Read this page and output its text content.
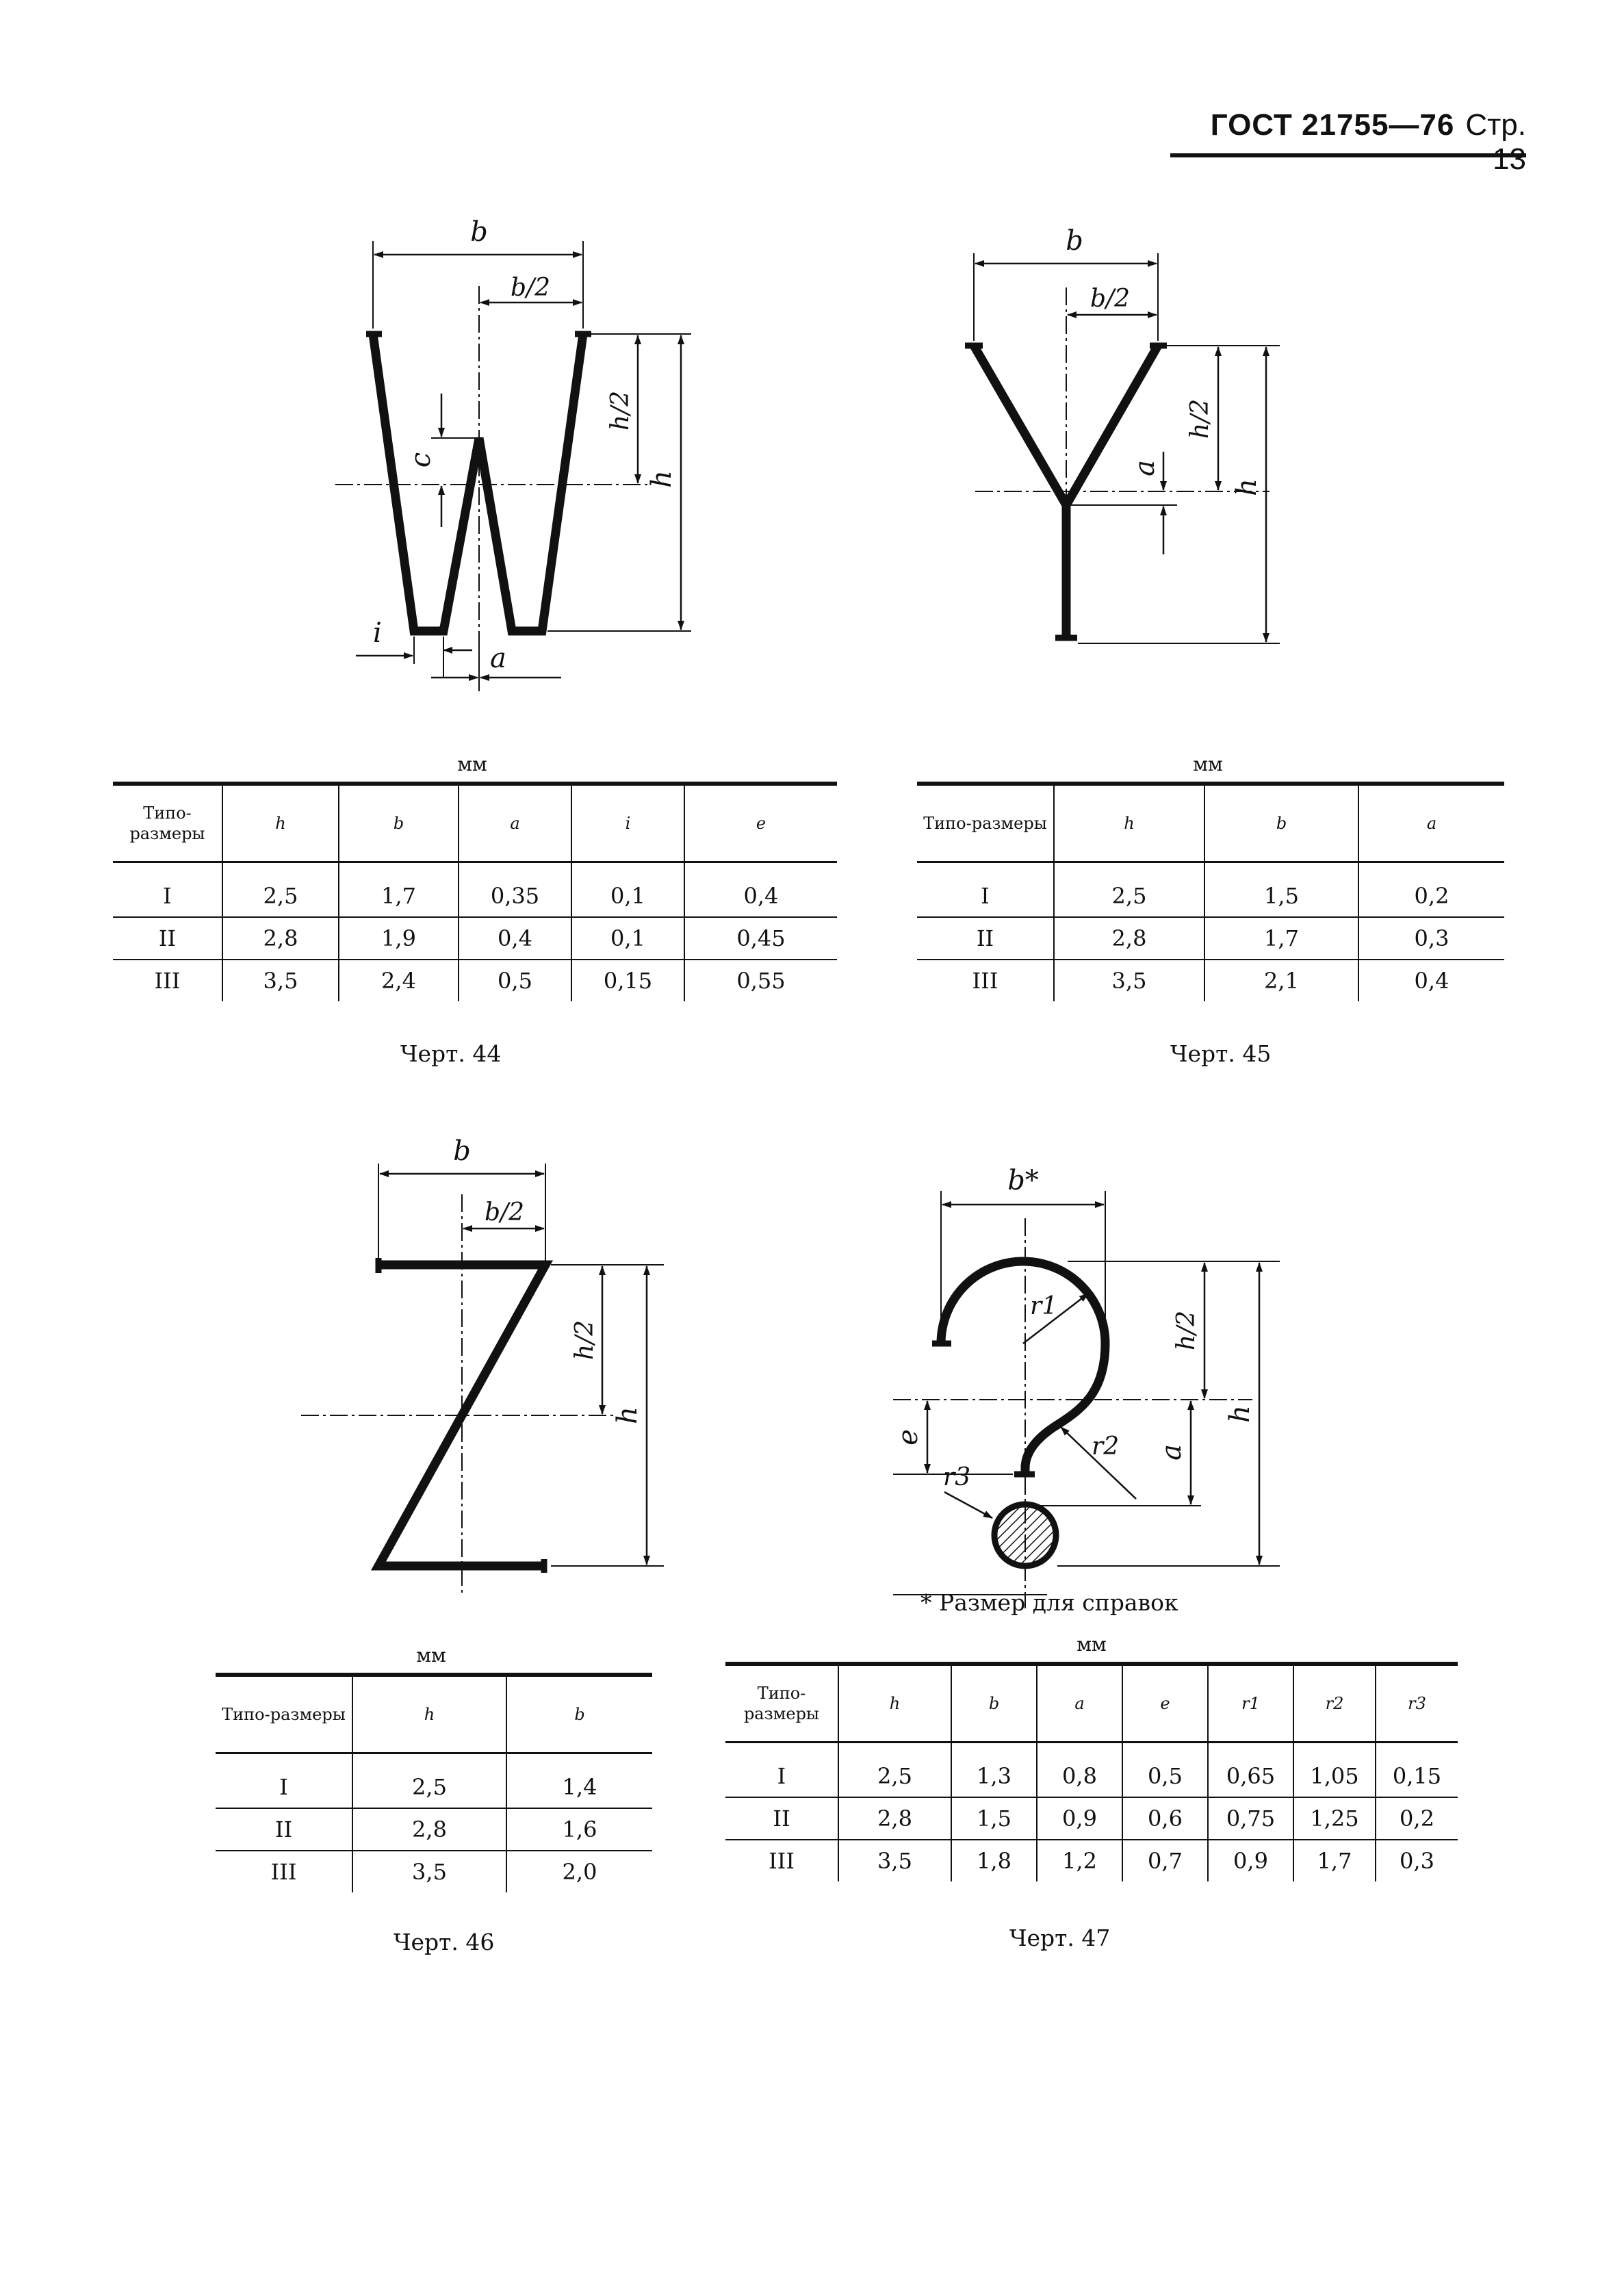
ГОСТ 21755—76 Стр. 13
b
b/2
h/2
h
c
i
a
b
b/2
h/2
h
a
b
b/2
h/2
h
b*
r1
r2
r3
h/2
h
a
e
мм
Типо-размеры	h	b	a	i	e

I	2,5	1,7	0,35	0,1	0,4
II	2,8	1,9	0,4	0,1	0,45
III	3,5	2,4	0,5	0,15	0,55
Черт. 44
мм
Типо-размеры	h	b	a

I	2,5	1,5	0,2
II	2,8	1,7	0,3
III	3,5	2,1	0,4
Черт. 45
мм
Типо-размеры	h	b

I	2,5	1,4
II	2,8	1,6
III	3,5	2,0
Черт. 46
* Размер для справок
мм
Типо-размеры	h	b	a	e	r1	r2	r3

I	2,5	1,3	0,8	0,5	0,65	1,05	0,15
II	2,8	1,5	0,9	0,6	0,75	1,25	0,2
III	3,5	1,8	1,2	0,7	0,9	1,7	0,3
Черт. 47
